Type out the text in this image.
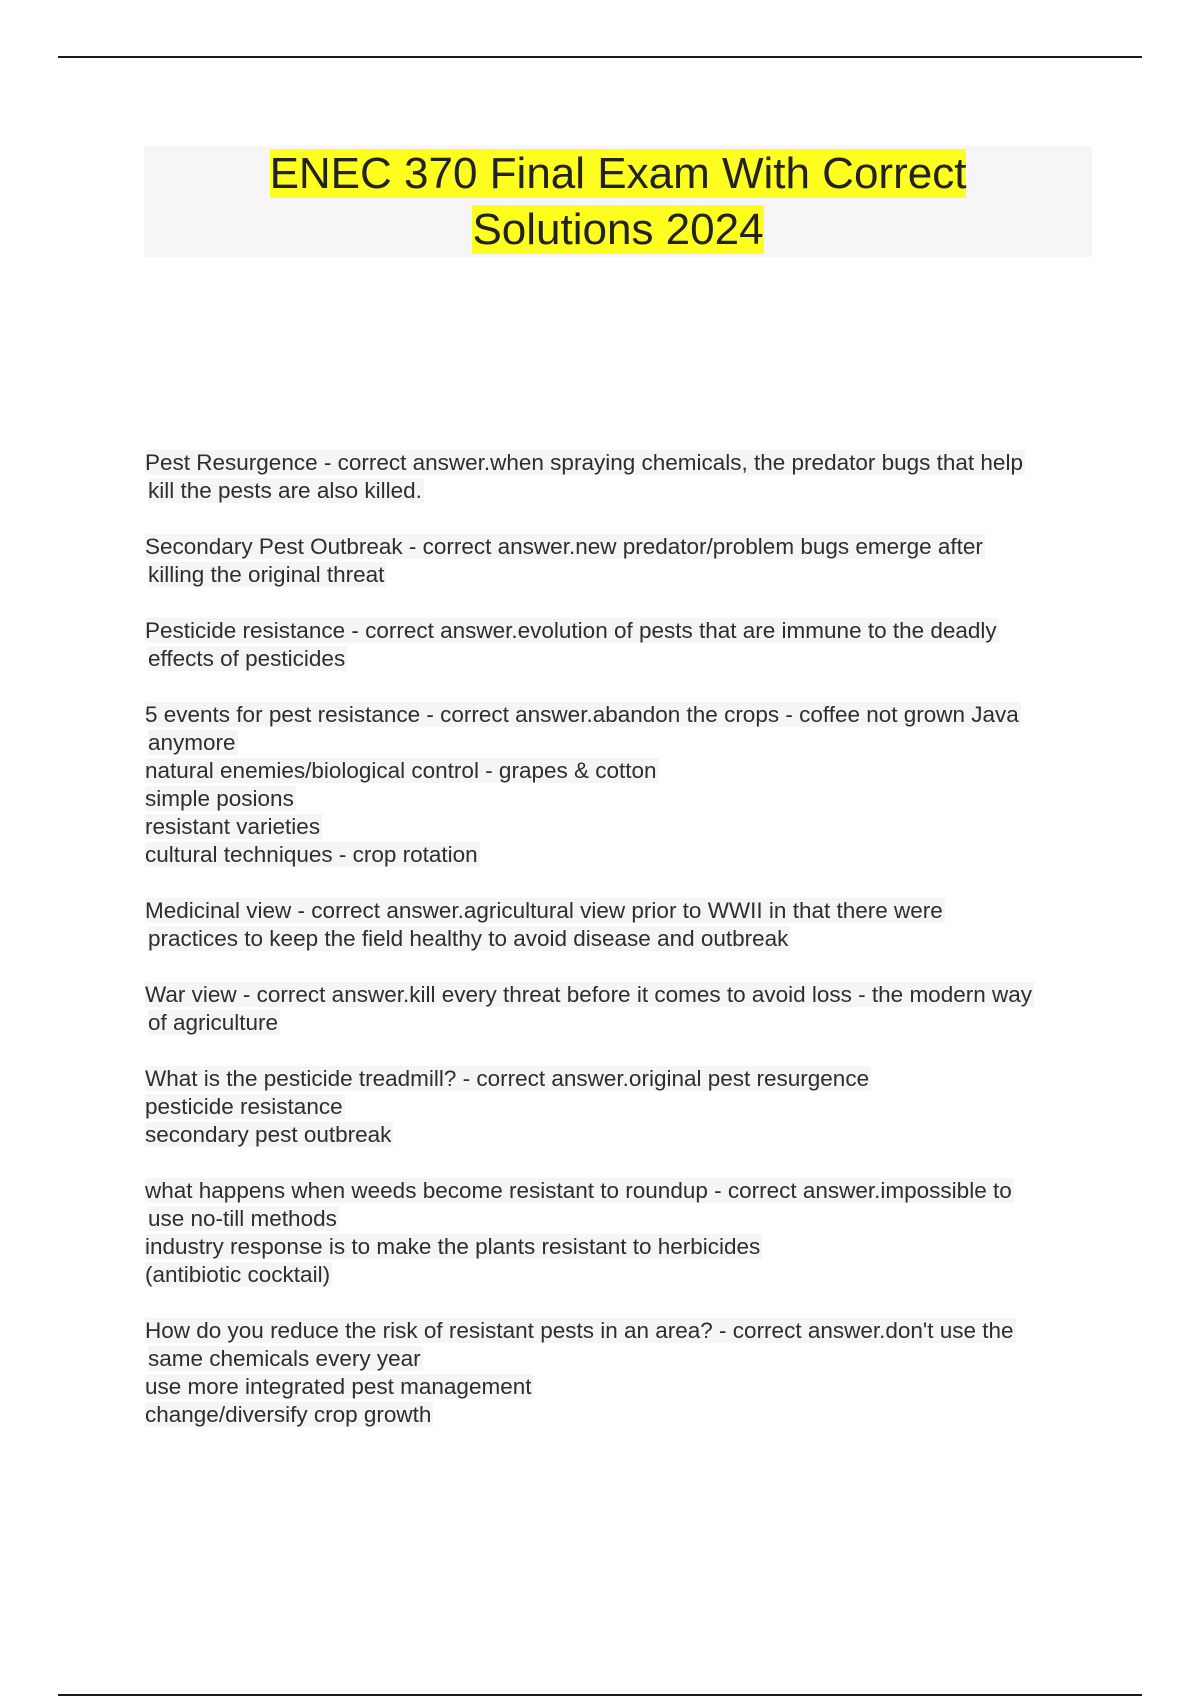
ENEC 370 Final Exam With Correct
Solutions 2024
Pest Resurgence - correct answer.when spraying chemicals, the predator bugs that help
kill the pests are also killed.
Secondary Pest Outbreak - correct answer.new predator/problem bugs emerge after
killing the original threat
Pesticide resistance - correct answer.evolution of pests that are immune to the deadly
effects of pesticides
5 events for pest resistance - correct answer.abandon the crops - coffee not grown Java
anymore
natural enemies/biological control - grapes & cotton
simple posions
resistant varieties
cultural techniques - crop rotation
Medicinal view - correct answer.agricultural view prior to WWII in that there were
practices to keep the field healthy to avoid disease and outbreak
War view - correct answer.kill every threat before it comes to avoid loss - the modern way
of agriculture
What is the pesticide treadmill? - correct answer.original pest resurgence
pesticide resistance
secondary pest outbreak
what happens when weeds become resistant to roundup - correct answer.impossible to
use no-till methods
industry response is to make the plants resistant to herbicides
(antibiotic cocktail)
How do you reduce the risk of resistant pests in an area? - correct answer.don't use the
same chemicals every year
use more integrated pest management
change/diversify crop growth
